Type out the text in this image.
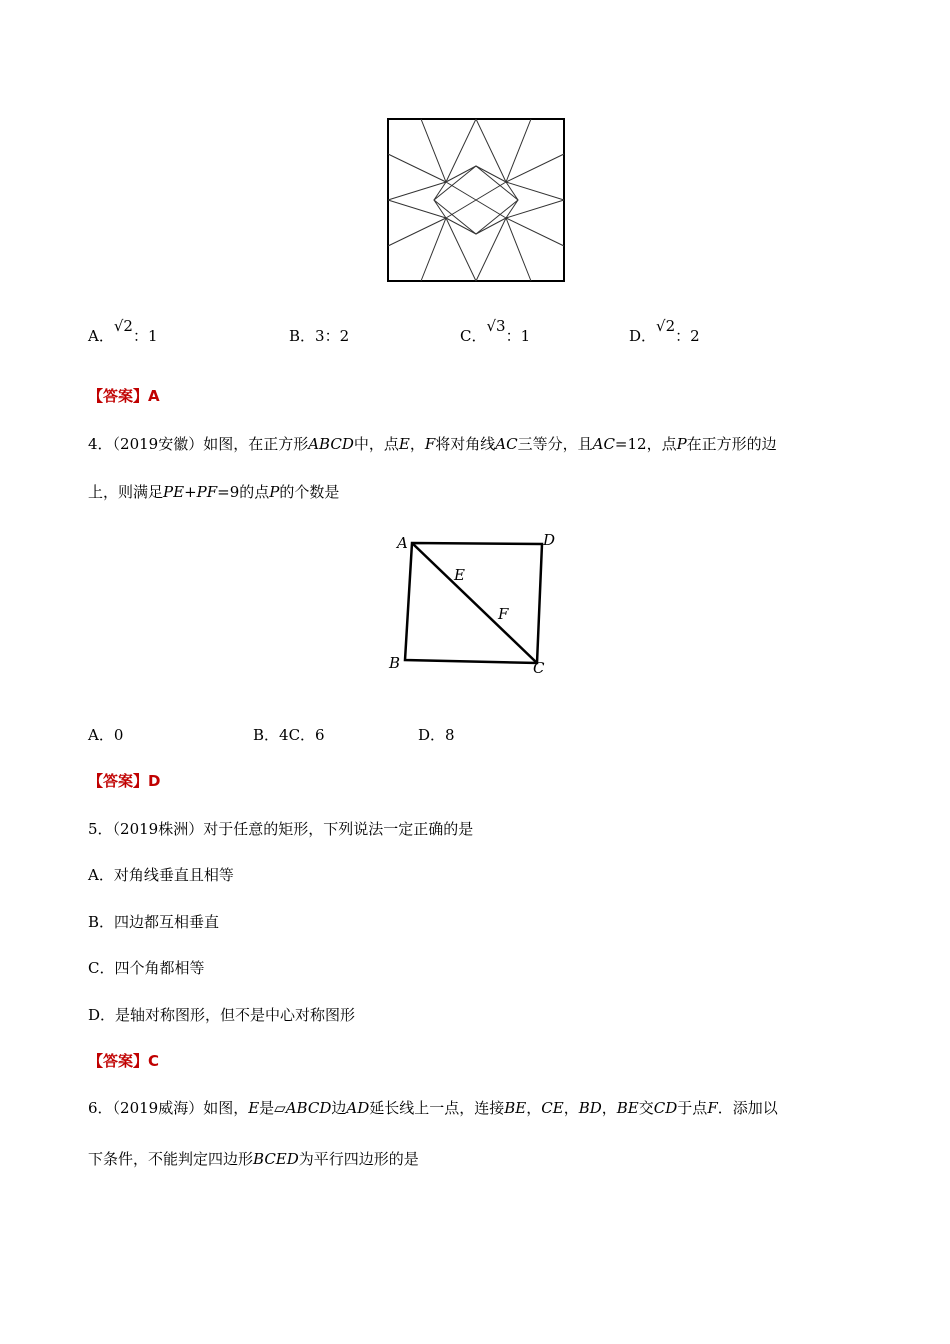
A．√2：1	B．3：2	C．√3：1	D．√2：2
【答案】A
4．（2019安徽）如图，在正方形ABCD中，点E，F将对角线AC三等分，且AC=12，点P在正方形的边
上，则满足PE+PF=9的点P的个数是
A	D
B	C
E
F
A．0	B．4C．6	D．8
【答案】D
5．（2019株洲）对于任意的矩形，下列说法一定正确的是
A．对角线垂直且相等
B．四边都互相垂直
C．四个角都相等
D．是轴对称图形，但不是中心对称图形
【答案】C
6．（2019威海）如图，E是▱ABCD边AD延长线上一点，连接BE，CE，BD，BE交CD于点F．添加以
下条件，不能判定四边形BCED为平行四边形的是
